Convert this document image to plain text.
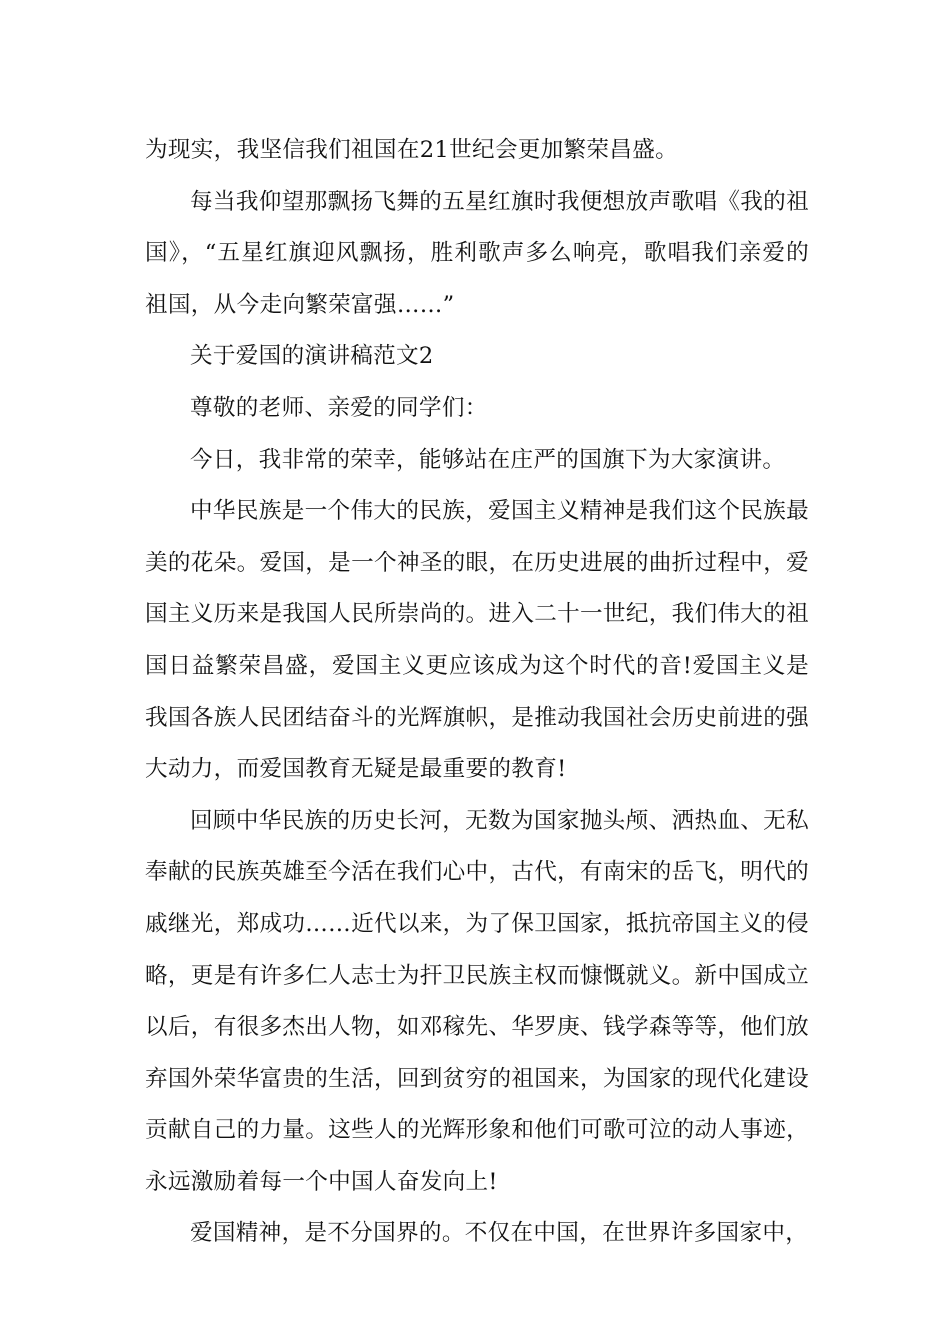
为现实，我坚信我们祖国在21世纪会更加繁荣昌盛。

每当我仰望那飘扬飞舞的五星红旗时我便想放声歌唱《我的祖国》，“五星红旗迎风飘扬，胜利歌声多么响亮，歌唱我们亲爱的祖国，从今走向繁荣富强……”

关于爱国的演讲稿范文2

尊敬的老师、亲爱的同学们：

今日，我非常的荣幸，能够站在庄严的国旗下为大家演讲。

中华民族是一个伟大的民族，爱国主义精神是我们这个民族最美的花朵。爱国，是一个神圣的眼，在历史进展的曲折过程中，爱国主义历来是我国人民所崇尚的。进入二十一世纪，我们伟大的祖国日益繁荣昌盛，爱国主义更应该成为这个时代的音!爱国主义是我国各族人民团结奋斗的光辉旗帜，是推动我国社会历史前进的强大动力，而爱国教育无疑是最重要的教育!

回顾中华民族的历史长河，无数为国家抛头颅、洒热血、无私奉献的民族英雄至今活在我们心中，古代，有南宋的岳飞，明代的戚继光，郑成功……近代以来，为了保卫国家，抵抗帝国主义的侵略，更是有许多仁人志士为扞卫民族主权而慷慨就义。新中国成立以后，有很多杰出人物，如邓稼先、华罗庚、钱学森等等，他们放弃国外荣华富贵的生活，回到贫穷的祖国来，为国家的现代化建设贡献自己的力量。这些人的光辉形象和他们可歌可泣的动人事迹，永远激励着每一个中国人奋发向上!

爱国精神，是不分国界的。不仅在中国，在世界许多国家中，
